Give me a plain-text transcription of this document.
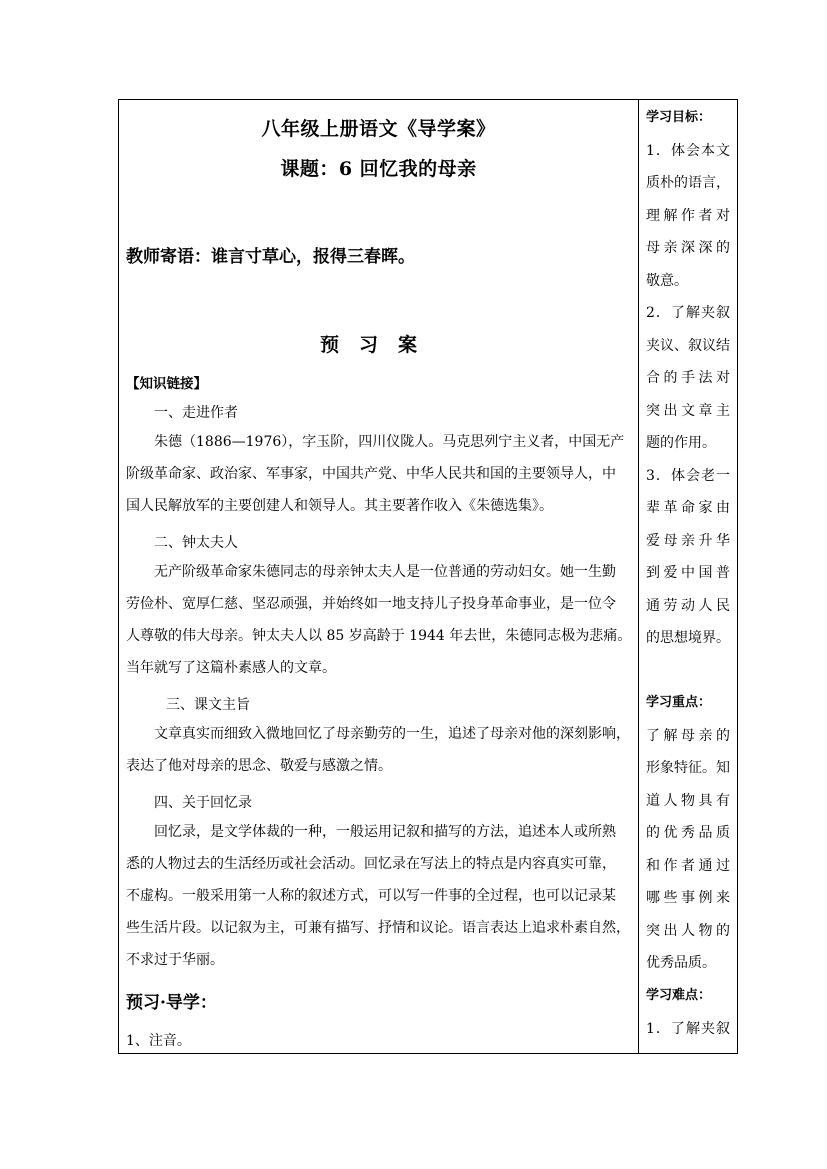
八年级上册语文《导学案》
课题：6 回忆我的母亲
教师寄语：谁言寸草心，报得三春晖。
预习案
【知识链接】
一、走进作者
朱德（1886—1976），字玉阶，四川仪陇人。马克思列宁主义者，中国无产
阶级革命家、政治家、军事家，中国共产党、中华人民共和国的主要领导人，中
国人民解放军的主要创建人和领导人。其主要著作收入《朱德选集》。
二、钟太夫人
无产阶级革命家朱德同志的母亲钟太夫人是一位普通的劳动妇女。她一生勤
劳俭朴、宽厚仁慈、坚忍顽强，并始终如一地支持儿子投身革命事业，是一位令
人尊敬的伟大母亲。钟太夫人以 85 岁高龄于 1944 年去世，朱德同志极为悲痛。
当年就写了这篇朴素感人的文章。
三、课文主旨
文章真实而细致入微地回忆了母亲勤劳的一生，追述了母亲对他的深刻影响，
表达了他对母亲的思念、敬爱与感激之情。
四、关于回忆录
回忆录，是文学体裁的一种，一般运用记叙和描写的方法，追述本人或所熟
悉的人物过去的生活经历或社会活动。回忆录在写法上的特点是内容真实可靠，
不虚构。一般采用第一人称的叙述方式，可以写一件事的全过程，也可以记录某
些生活片段。以记叙为主，可兼有描写、抒情和议论。语言表达上追求朴素自然，
不求过于华丽。
预习·导学：
1、注音。
学习目标：
1．体会本文
质朴的语言，
理解作者对
母亲深深的
敬意。
2．了解夹叙
夹议、叙议结
合的手法对
突出文章主
题的作用。
3．体会老一
辈革命家由
爱母亲升华
到爱中国普
通劳动人民
的思想境界。
学习重点：
了解母亲的
形象特征。知
道人物具有
的优秀品质
和作者通过
哪些事例来
突出人物的
优秀品质。
学习难点：
1．了解夹叙
